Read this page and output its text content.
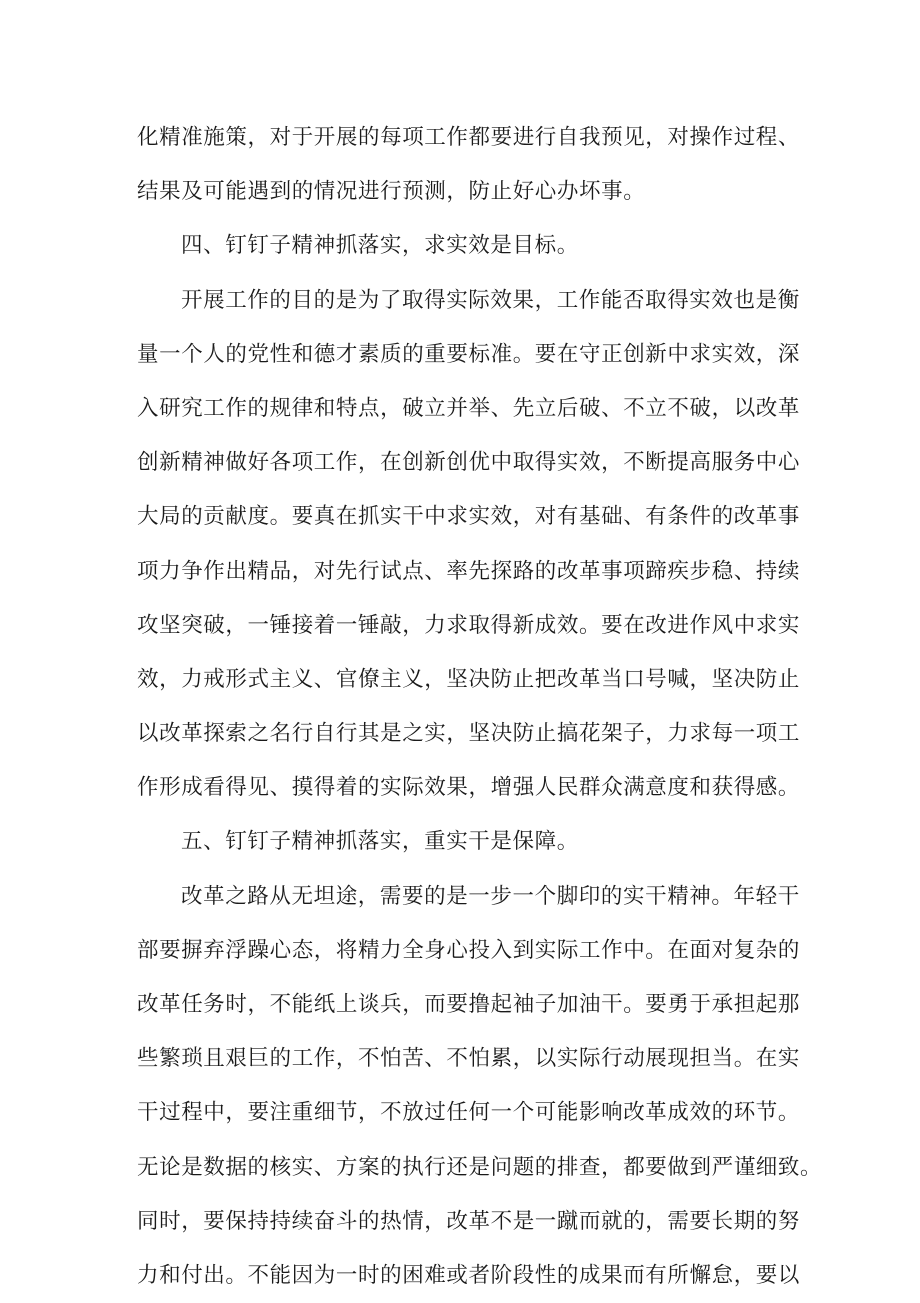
化精准施策，对于开展的每项工作都要进行自我预见，对操作过程、
结果及可能遇到的情况进行预测，防止好心办坏事。
四、钉钉子精神抓落实，求实效是目标。
开展工作的目的是为了取得实际效果，工作能否取得实效也是衡
量一个人的党性和德才素质的重要标准。要在守正创新中求实效，深
入研究工作的规律和特点，破立并举、先立后破、不立不破，以改革
创新精神做好各项工作，在创新创优中取得实效，不断提高服务中心
大局的贡献度。要真在抓实干中求实效，对有基础、有条件的改革事
项力争作出精品，对先行试点、率先探路的改革事项蹄疾步稳、持续
攻坚突破，一锤接着一锤敲，力求取得新成效。要在改进作风中求实
效，力戒形式主义、官僚主义，坚决防止把改革当口号喊，坚决防止
以改革探索之名行自行其是之实，坚决防止搞花架子，力求每一项工
作形成看得见、摸得着的实际效果，增强人民群众满意度和获得感。
五、钉钉子精神抓落实，重实干是保障。
改革之路从无坦途，需要的是一步一个脚印的实干精神。年轻干
部要摒弃浮躁心态，将精力全身心投入到实际工作中。在面对复杂的
改革任务时，不能纸上谈兵，而要撸起袖子加油干。要勇于承担起那
些繁琐且艰巨的工作，不怕苦、不怕累，以实际行动展现担当。在实
干过程中，要注重细节，不放过任何一个可能影响改革成效的环节。
无论是数据的核实、方案的执行还是问题的排查，都要做到严谨细致。
同时，要保持持续奋斗的热情，改革不是一蹴而就的，需要长期的努
力和付出。不能因为一时的困难或者阶段性的成果而有所懈怠，要以
